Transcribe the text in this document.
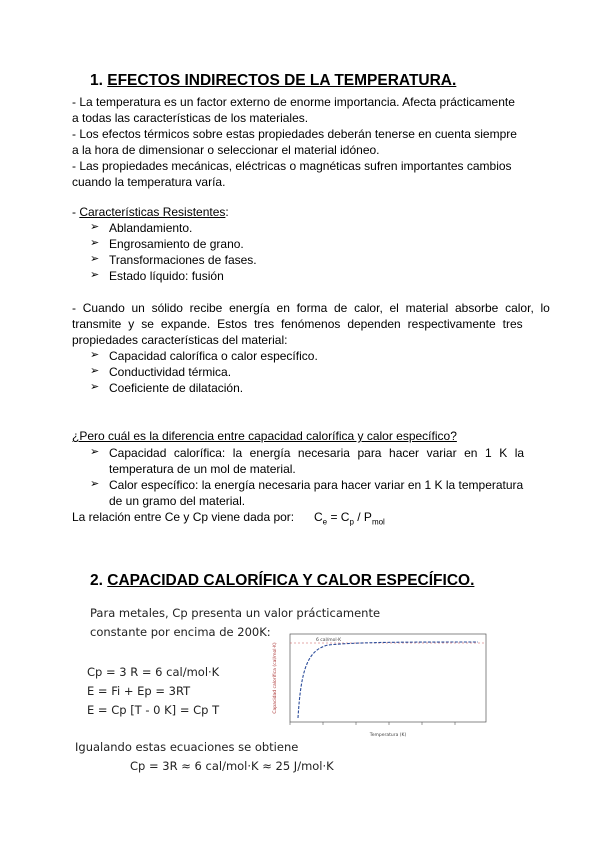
1. EFECTOS INDIRECTOS DE LA TEMPERATURA.
- La temperatura es un factor externo de enorme importancia. Afecta prácticamente
a todas las características de los materiales.
- Los efectos térmicos sobre estas propiedades deberán tenerse en cuenta siempre
a la hora de dimensionar o seleccionar el material idóneo.
- Las propiedades mecánicas, eléctricas o magnéticas sufren importantes cambios
cuando la temperatura varía.
- Características Resistentes:
➢ Ablandamiento.
➢ Engrosamiento de grano.
➢ Transformaciones de fases.
➢ Estado líquido: fusión
- Cuando un sólido recibe energía en forma de calor, el material absorbe calor, lo
transmite y se expande. Estos tres fenómenos dependen respectivamente tres
propiedades características del material:
➢ Capacidad calorífica o calor específico.
➢ Conductividad térmica.
➢ Coeficiente de dilatación.
¿Pero cuál es la diferencia entre capacidad calorífica y calor específico?
➢ Capacidad calorífica: la energía necesaria para hacer variar en 1 K la
temperatura de un mol de material.
➢ Calor específico: la energía necesaria para hacer variar en 1 K la temperatura
de un gramo del material.
La relación entre Ce y Cp viene dada por: $C_e = C_p / P_{mol}$
2. CAPACIDAD CALORÍFICA Y CALOR ESPECÍFICO.
Para metales, Cp presenta un valor prácticamente
constante por encima de 200K:
Cp = 3 R = 6 cal/mol·K
E = Fi + Ep = 3RT
E = Cp [T - 0 K] = Cp T
Igualando estas ecuaciones se obtiene
Cp = 3R ≈ 6 cal/mol·K ≈ 25 J/mol·K
6 cal/mol·K
Temperatura (K)
Capacidad calorífica (cal/mol·K)
